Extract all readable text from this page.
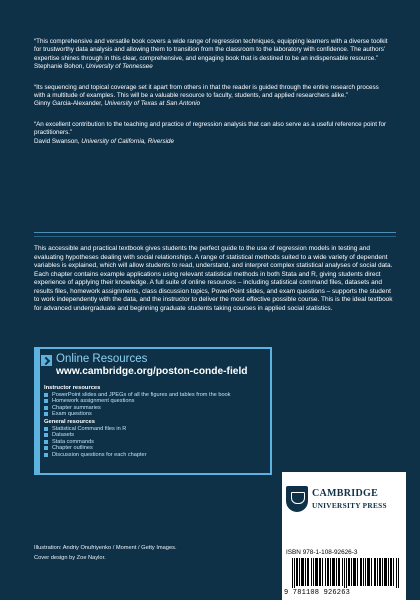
“This comprehensive and versatile book covers a wide range of regression techniques, equipping learners with a diverse toolkit for trustworthy data analysis and allowing them to transition from the classroom to the laboratory with confidence. The authors’ expertise shines through in this clear, comprehensive, and engaging book that is destined to be an indispensable resource.”

Stephanie Bohon, University of Tennessee

“Its sequencing and topical coverage set it apart from others in that the reader is guided through the entire research process with a multitude of examples. This will be a valuable resource to faculty, students, and applied researchers alike.”

Ginny Garcia-Alexander, University of Texas at San Antonio

“An excellent contribution to the teaching and practice of regression analysis that can also serve as a useful reference point for practitioners.”

David Swanson, University of California, Riverside

This accessible and practical textbook gives students the perfect guide to the use of regression models in testing and evaluating hypotheses dealing with social relationships. A range of statistical methods suited to a wide variety of dependent variables is explained, which will allow students to read, understand, and interpret complex statistical analyses of social data. Each chapter contains example applications using relevant statistical methods in both Stata and R, giving students direct experience of applying their knowledge. A full suite of online resources – including statistical command files, datasets and results files, homework assignments, class discussion topics, PowerPoint slides, and exam questions – supports the student to work independently with the data, and the instructor to deliver the most effective possible course. This is the ideal textbook for advanced undergraduate and beginning graduate students taking courses in applied social statistics.

Online Resources
www.cambridge.org/poston-conde-field
Instructor resources
PowerPoint slides and JPEGs of all the figures and tables from the book
Homework assignment questions
Chapter summaries
Exam questions
General resources
Statistical Command files in R
Datasets
Stata commands
Chapter outlines
Discussion questions for each chapter
CAMBRIDGE
UNIVERSITY PRESS
ISBN 978-1-108-92626-3
9 781108 926263

Illustration: Andriy Onufriyenko / Moment / Getty Images.

Cover design by Zoe Naylor.
